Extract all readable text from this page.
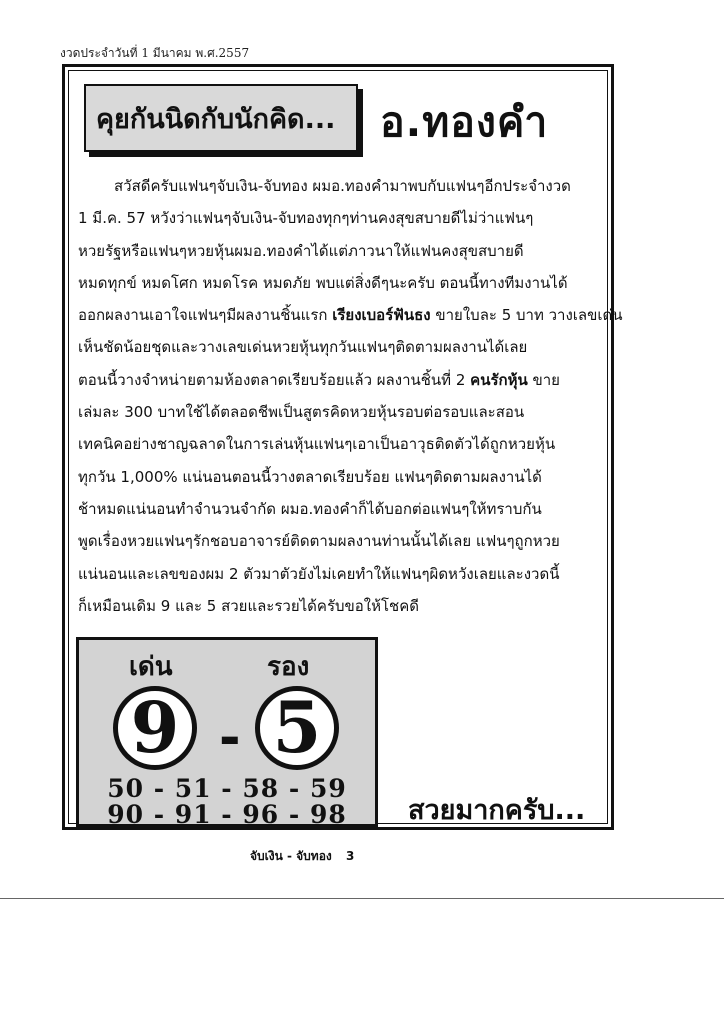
งวดประจำวันที่ 1 มีนาคม พ.ศ.2557
คุยกันนิดกับนักคิด... อ.ทองคำ
สวัสดีครับแฟนๆจับเงิน-จับทอง ผมอ.ทองคำมาพบกับแฟนๆอีกประจำงวด
1 มี.ค. 57 หวังว่าแฟนๆจับเงิน-จับทองทุกๆท่านคงสุขสบายดีไม่ว่าแฟนๆ
หวยรัฐหรือแฟนๆหวยหุ้นผมอ.ทองคำได้แต่ภาวนาให้แฟนคงสุขสบายดี
หมดทุกข์ หมดโศก หมดโรค หมดภัย พบแต่สิ่งดีๆนะครับ ตอนนี้ทางทีมงานได้
ออกผลงานเอาใจแฟนๆมีผลงานชิ้นแรก เรียงเบอร์ฟันธง ขายใบละ 5 บาท วางเลขเด่น
เห็นชัดน้อยชุดและวางเลขเด่นหวยหุ้นทุกวันแฟนๆติดตามผลงานได้เลย
ตอนนี้วางจำหน่ายตามห้องตลาดเรียบร้อยแล้ว ผลงานชิ้นที่ 2 คนรักหุ้น ขาย
เล่มละ 300 บาทใช้ได้ตลอดชีพเป็นสูตรคิดหวยหุ้นรอบต่อรอบและสอน
เทคนิคอย่างชาญฉลาดในการเล่นหุ้นแฟนๆเอาเป็นอาวุธติดตัวได้ถูกหวยหุ้น
ทุกวัน 1,000% แน่นอนตอนนี้วางตลาดเรียบร้อย แฟนๆติดตามผลงานได้
ช้าหมดแน่นอนทำจำนวนจำกัด ผมอ.ทองคำก็ได้บอกต่อแฟนๆให้ทราบกัน
พูดเรื่องหวยแฟนๆรักชอบอาจารย์ติดตามผลงานท่านนั้นได้เลย แฟนๆถูกหวย
แน่นอนและเลขของผม 2 ตัวมาตัวยังไม่เคยทำให้แฟนๆผิดหวังเลยและงวดนี้
ก็เหมือนเดิม 9 และ 5 สวยและรวยได้ครับขอให้โชคดี
เด่น	รอง
9 - 5
50 - 51 - 58 - 59
90 - 91 - 96 - 98	สวยมากครับ...
จับเงิน - จับทอง 3
